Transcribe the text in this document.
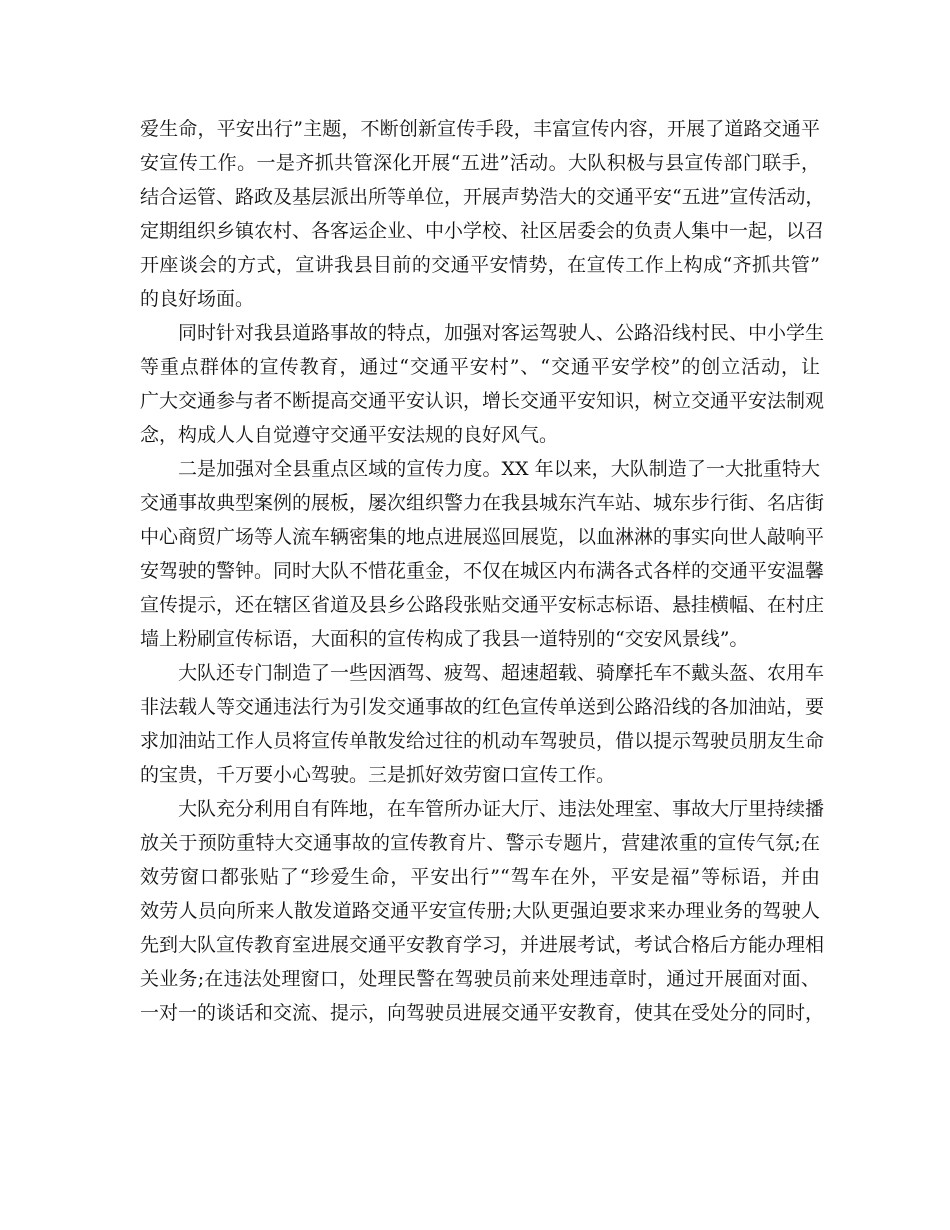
爱生命，平安出行”主题，不断创新宣传手段，丰富宣传内容，开展了道路交通平
安宣传工作。一是齐抓共管深化开展“五进”活动。大队积极与县宣传部门联手，
结合运管、路政及基层派出所等单位，开展声势浩大的交通平安“五进”宣传活动，
定期组织乡镇农村、各客运企业、中小学校、社区居委会的负责人集中一起，以召
开座谈会的方式，宣讲我县目前的交通平安情势，在宣传工作上构成“齐抓共管”
的良好场面。
同时针对我县道路事故的特点，加强对客运驾驶人、公路沿线村民、中小学生
等重点群体的宣传教育，通过“交通平安村”、“交通平安学校”的创立活动，让
广大交通参与者不断提高交通平安认识，增长交通平安知识，树立交通平安法制观
念，构成人人自觉遵守交通平安法规的良好风气。
二是加强对全县重点区域的宣传力度。XX 年以来，大队制造了一大批重特大
交通事故典型案例的展板，屡次组织警力在我县城东汽车站、城东步行街、名店街
中心商贸广场等人流车辆密集的地点进展巡回展览，以血淋淋的事实向世人敲响平
安驾驶的警钟。同时大队不惜花重金，不仅在城区内布满各式各样的交通平安温馨
宣传提示，还在辖区省道及县乡公路段张贴交通平安标志标语、悬挂横幅、在村庄
墙上粉刷宣传标语，大面积的宣传构成了我县一道特别的“交安风景线”。
大队还专门制造了一些因酒驾、疲驾、超速超载、骑摩托车不戴头盔、农用车
非法载人等交通违法行为引发交通事故的红色宣传单送到公路沿线的各加油站，要
求加油站工作人员将宣传单散发给过往的机动车驾驶员，借以提示驾驶员朋友生命
的宝贵，千万要小心驾驶。三是抓好效劳窗口宣传工作。
大队充分利用自有阵地，在车管所办证大厅、违法处理室、事故大厅里持续播
放关于预防重特大交通事故的宣传教育片、警示专题片，营建浓重的宣传气氛;在
效劳窗口都张贴了“珍爱生命，平安出行”“驾车在外，平安是福”等标语，并由
效劳人员向所来人散发道路交通平安宣传册;大队更强迫要求来办理业务的驾驶人
先到大队宣传教育室进展交通平安教育学习，并进展考试，考试合格后方能办理相
关业务;在违法处理窗口，处理民警在驾驶员前来处理违章时，通过开展面对面、
一对一的谈话和交流、提示，向驾驶员进展交通平安教育，使其在受处分的同时，
